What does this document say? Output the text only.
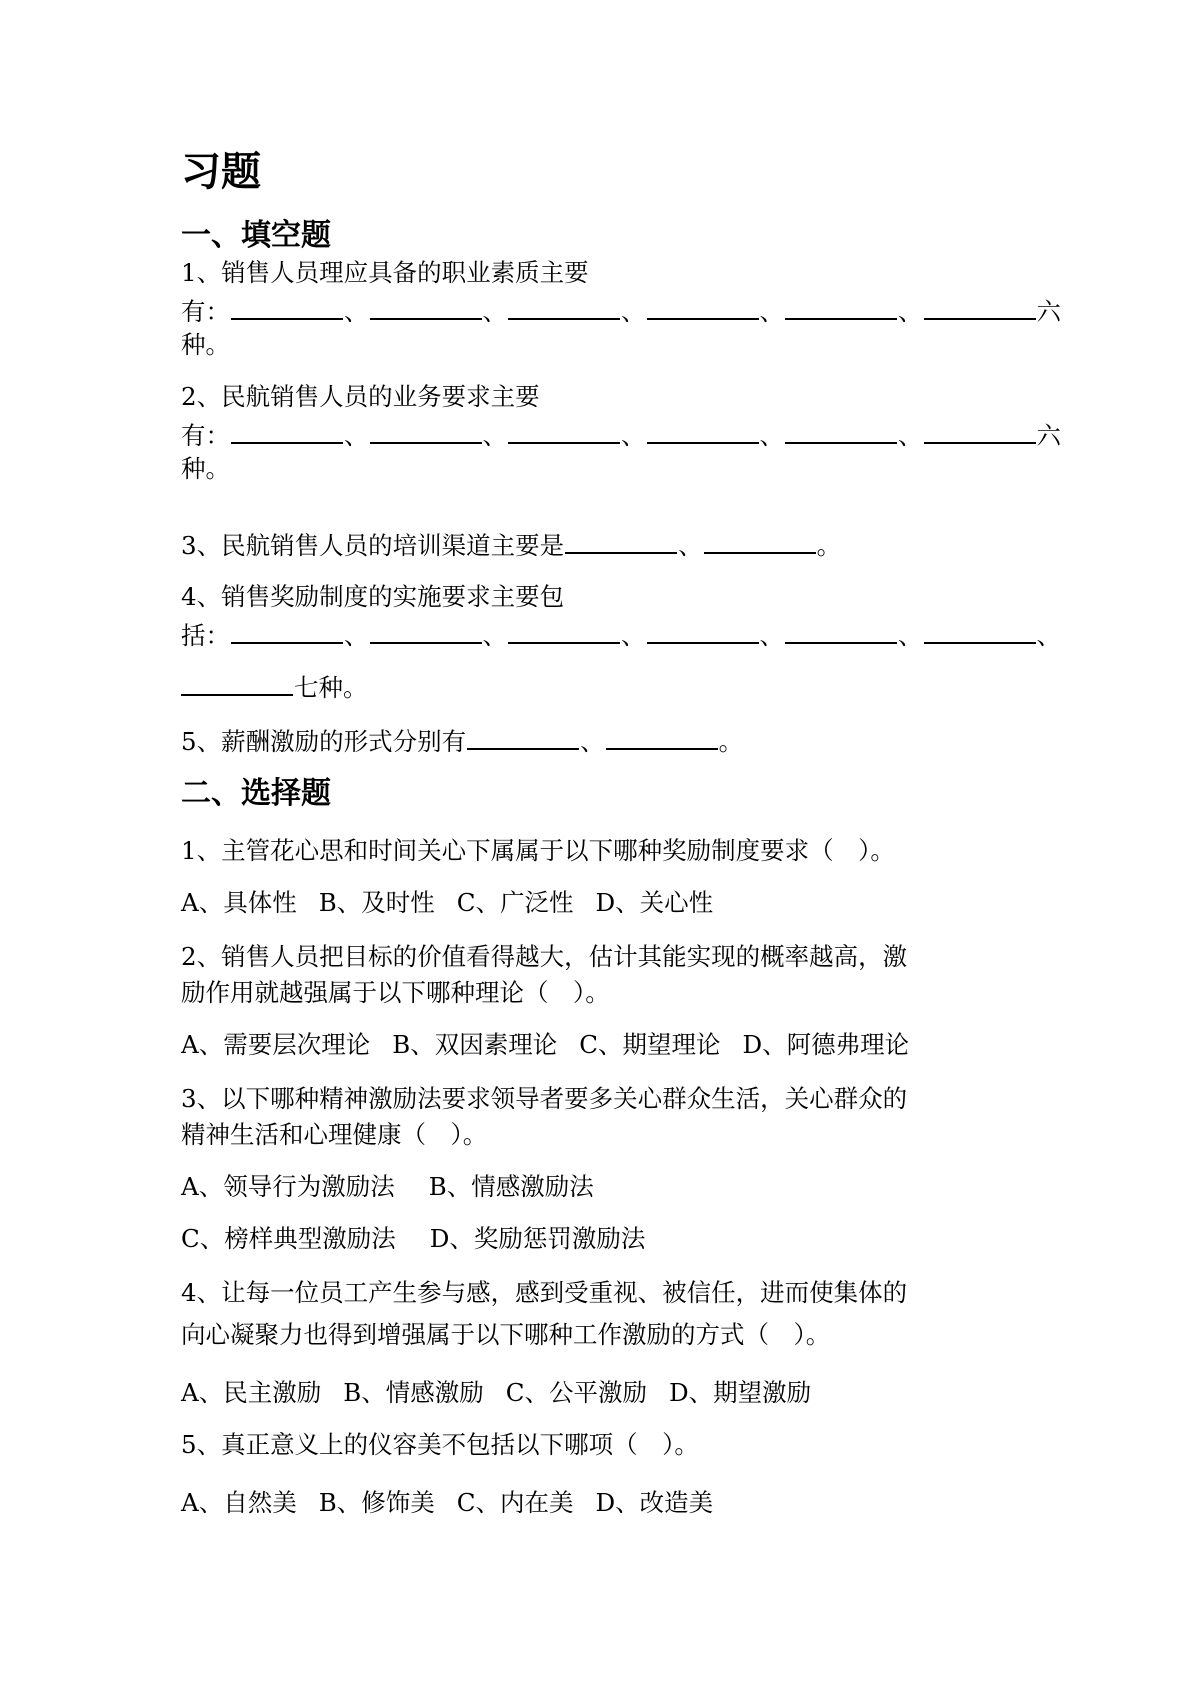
习题
一、填空题
1、销售人员理应具备的职业素质主要
有：	、	、	、	、	、	六
种。
2、民航销售人员的业务要求主要
有：	、	、	、	、	、	六
种。
3、民航销售人员的培训渠道主要是	、	。
4、销售奖励制度的实施要求主要包
括：	、	、	、	、	、	、
七种。
5、薪酬激励的形式分别有	、	。
二、选择题
1、主管花心思和时间关心下属属于以下哪种奖励制度要求（　）。
A、具体性 B、及时性 C、广泛性 D、关心性
2、销售人员把目标的价值看得越大，估计其能实现的概率越高，激
励作用就越强属于以下哪种理论（　）。
A、需要层次理论 B、双因素理论 C、期望理论 D、阿德弗理论
3、以下哪种精神激励法要求领导者要多关心群众生活，关心群众的
精神生活和心理健康（　）。
A、领导行为激励法 B、情感激励法
C、榜样典型激励法 D、奖励惩罚激励法
4、让每一位员工产生参与感，感到受重视、被信任，进而使集体的
向心凝聚力也得到增强属于以下哪种工作激励的方式（　）。
A、民主激励 B、情感激励 C、公平激励 D、期望激励
5、真正意义上的仪容美不包括以下哪项（　）。
A、自然美 B、修饰美 C、内在美 D、改造美
